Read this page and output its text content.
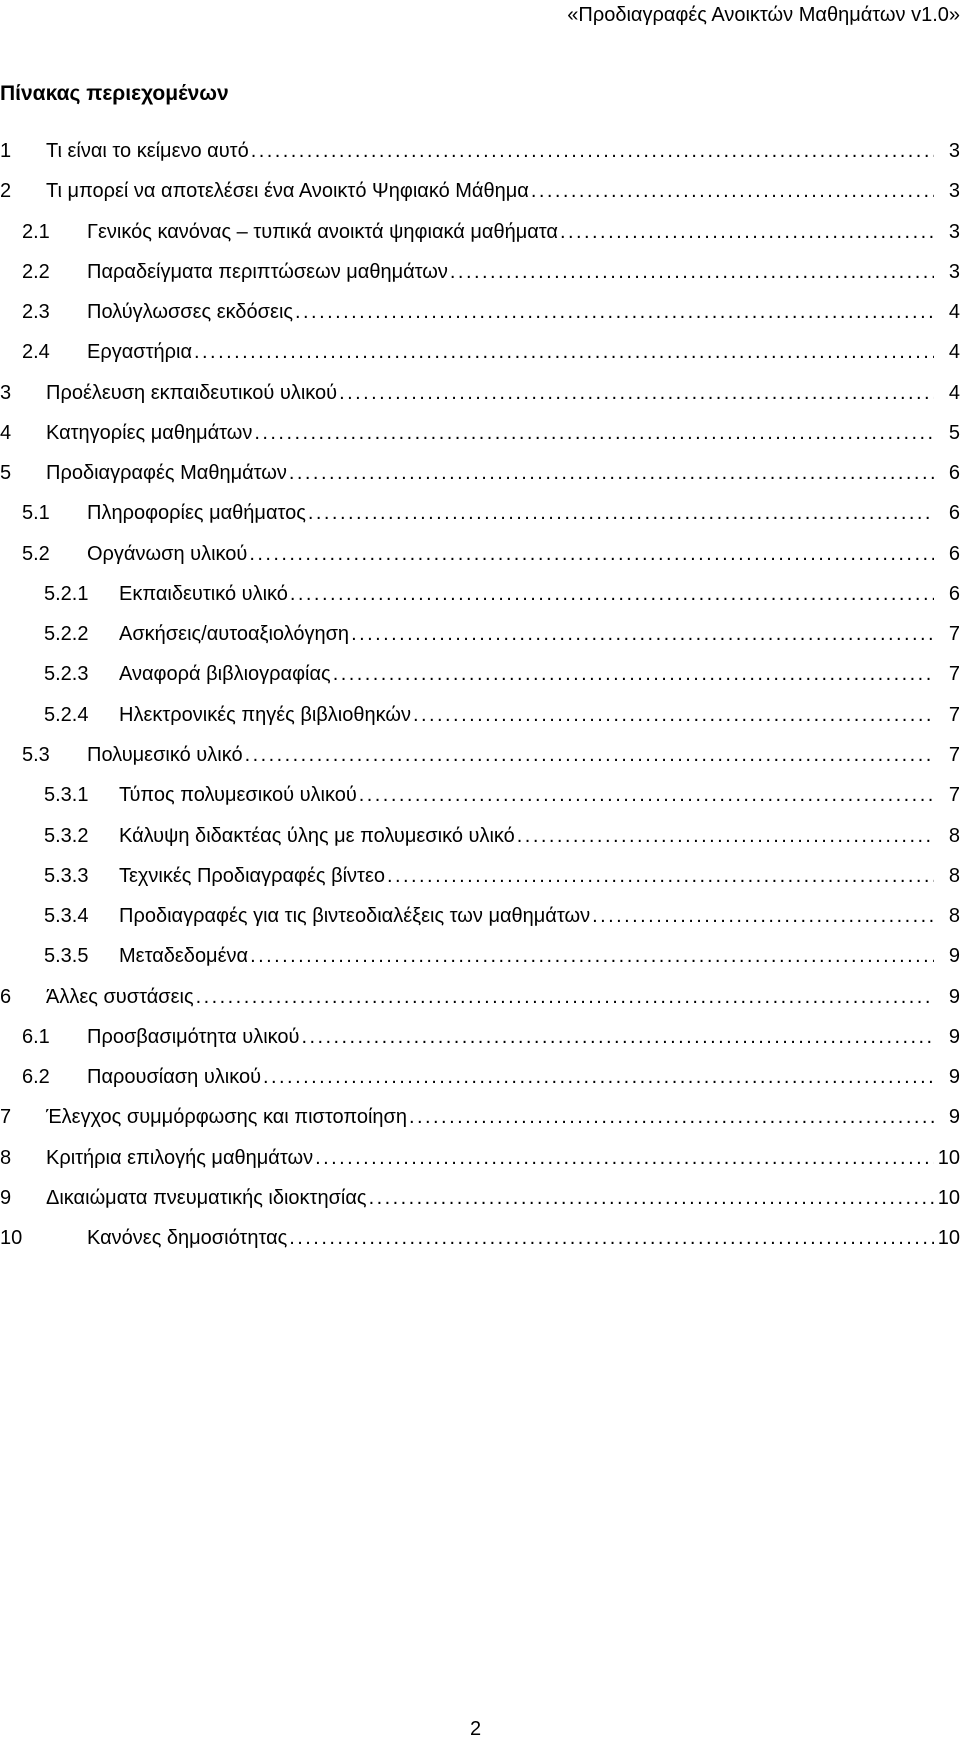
«Προδιαγραφές Ανοικτών Μαθημάτων v1.0»
Πίνακας περιεχομένων
1 Τι είναι το κείμενο αυτό . . .	3
2 Τι μπορεί να αποτελέσει ένα Ανοικτό Ψηφιακό Μάθημα . . .	3
2.1 Γενικός κανόνας – τυπικά ανοικτά ψηφιακά μαθήματα . . .	3
2.2 Παραδείγματα περιπτώσεων μαθημάτων . . .	3
2.3 Πολύγλωσσες εκδόσεις . . .	4
2.4 Εργαστήρια . . .	4
3 Προέλευση εκπαιδευτικού υλικού . . .	4
4 Κατηγορίες μαθημάτων . . .	5
5 Προδιαγραφές Μαθημάτων . . .	6
5.1 Πληροφορίες μαθήματος . . .	6
5.2 Οργάνωση υλικού . . .	6
5.2.1 Εκπαιδευτικό υλικό . . .	6
5.2.2 Ασκήσεις/αυτοαξιολόγηση . . .	7
5.2.3 Αναφορά βιβλιογραφίας . . .	7
5.2.4 Ηλεκτρονικές πηγές βιβλιοθηκών . . .	7
5.3 Πολυμεσικό υλικό . . .	7
5.3.1 Τύπος πολυμεσικού υλικού . . .	7
5.3.2 Κάλυψη διδακτέας ύλης με πολυμεσικό υλικό . . .	8
5.3.3 Τεχνικές Προδιαγραφές βίντεο . . .	8
5.3.4 Προδιαγραφές για τις βιντεοδιαλέξεις των μαθημάτων . . .	8
5.3.5 Μεταδεδομένα . . .	9
6 Άλλες συστάσεις . . .	9
6.1 Προσβασιμότητα υλικού . . .	9
6.2 Παρουσίαση υλικού . . .	9
7 Έλεγχος συμμόρφωσης και πιστοποίηση . . .	9
8 Κριτήρια επιλογής μαθημάτων . . .	10
9 Δικαιώματα πνευματικής ιδιοκτησίας . . .	10
10	Κανόνες δημοσιότητας . . .	10
2
